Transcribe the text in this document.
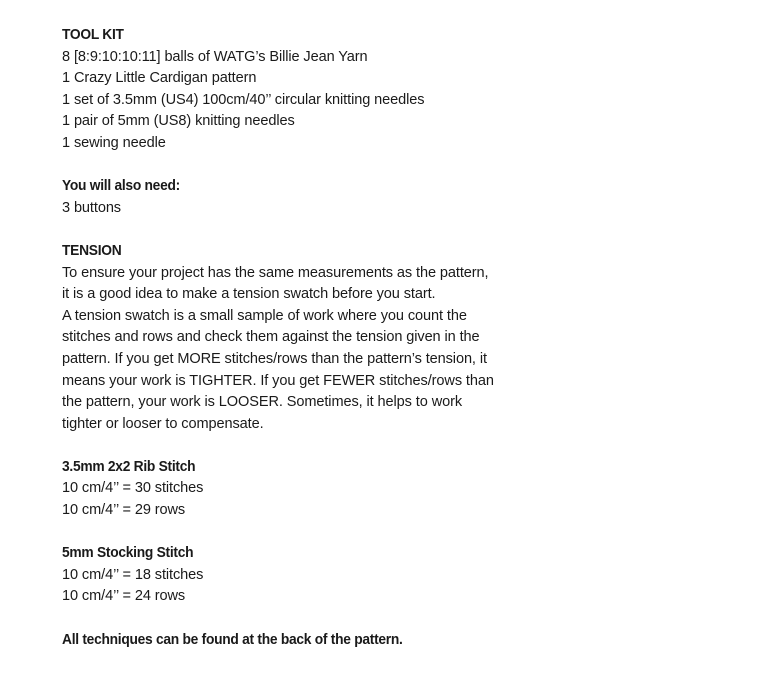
TOOL KIT
8 [8:9:10:10:11] balls of WATG’s Billie Jean Yarn
1 Crazy Little Cardigan pattern
1 set of 3.5mm (US4) 100cm/40’’ circular knitting needles
1 pair of 5mm (US8) knitting needles
1 sewing needle
You will also need:
3 buttons
TENSION
To ensure your project has the same measurements as the pattern,
it is a good idea to make a tension swatch before you start.
A tension swatch is a small sample of work where you count the
stitches and rows and check them against the tension given in the
pattern. If you get MORE stitches/rows than the pattern’s tension, it
means your work is TIGHTER. If you get FEWER stitches/rows than
the pattern, your work is LOOSER. Sometimes, it helps to work
tighter or looser to compensate.
3.5mm 2x2 Rib Stitch
10 cm/4’’ = 30 stitches
10 cm/4’’ = 29 rows
5mm Stocking Stitch
10 cm/4’’ = 18 stitches
10 cm/4’’ = 24 rows
All techniques can be found at the back of the pattern.
